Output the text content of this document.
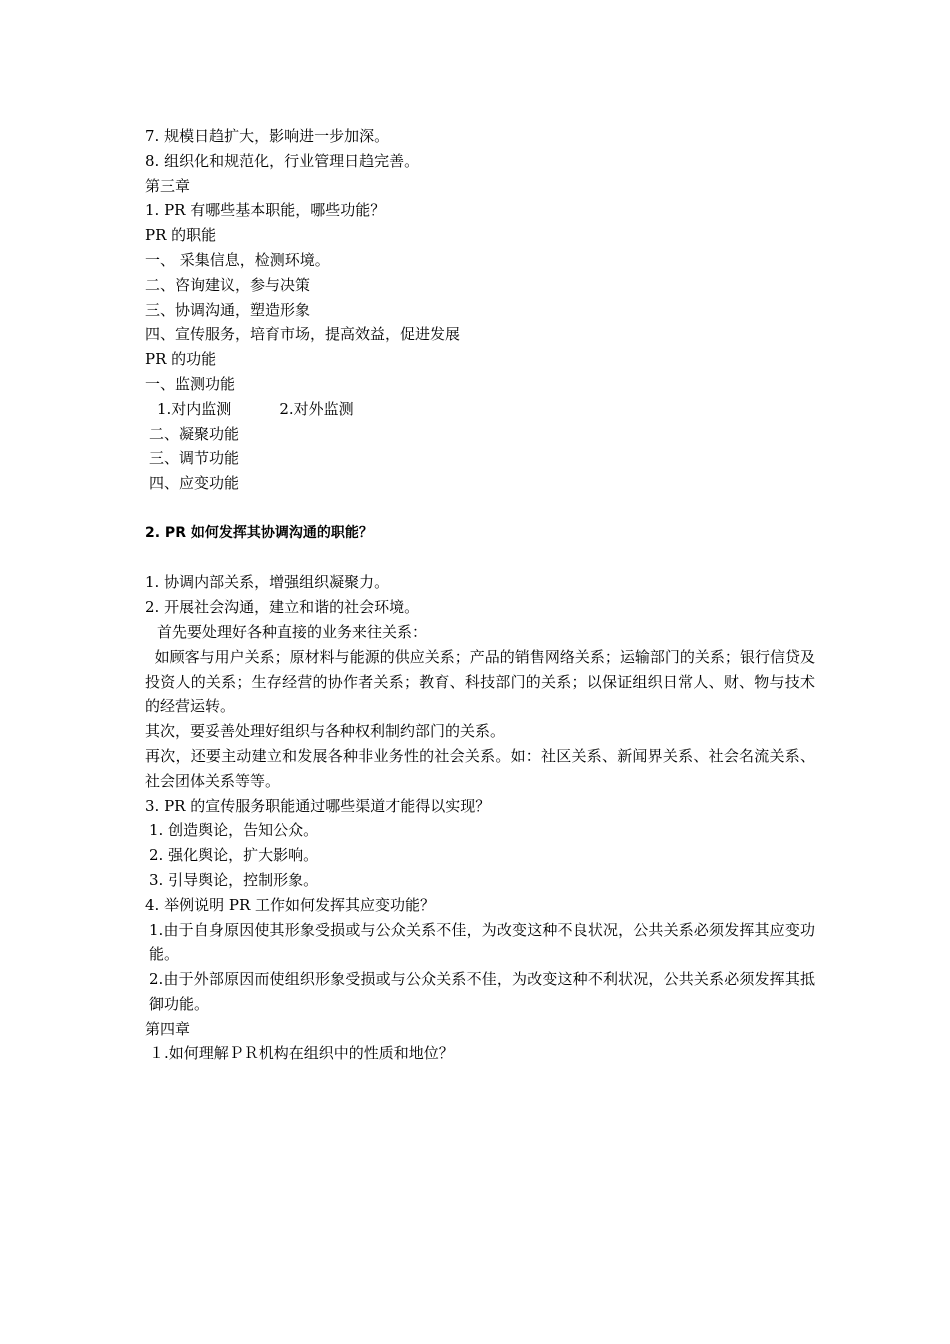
7. 规模日趋扩大，影响进一步加深。
8. 组织化和规范化，行业管理日趋完善。
第三章
1. PR 有哪些基本职能，哪些功能？
PR 的职能
一、 采集信息，检测环境。
二、咨询建议，参与决策
三、协调沟通，塑造形象
四、宣传服务，培育市场，提高效益，促进发展
PR 的功能
一、监测功能
1.对内监测	2.对外监测
二、凝聚功能
三、调节功能
四、应变功能
2. PR 如何发挥其协调沟通的职能？
1. 协调内部关系，增强组织凝聚力。
2. 开展社会沟通，建立和谐的社会环境。
首先要处理好各种直接的业务来往关系：
如顾客与用户关系；原材料与能源的供应关系；产品的销售网络关系；运输部门的关系；银行信贷及投资人的关系；生存经营的协作者关系；教育、科技部门的关系；以保证组织日常人、财、物与技术的经营运转。
其次，要妥善处理好组织与各种权利制约部门的关系。
再次，还要主动建立和发展各种非业务性的社会关系。如：社区关系、新闻界关系、社会名流关系、社会团体关系等等。
3. PR 的宣传服务职能通过哪些渠道才能得以实现？
1. 创造舆论，告知公众。
2. 强化舆论，扩大影响。
3. 引导舆论，控制形象。
4. 举例说明 PR 工作如何发挥其应变功能？
1.由于自身原因使其形象受损或与公众关系不佳，为改变这种不良状况，公共关系必须发挥其应变功能。
2.由于外部原因而使组织形象受损或与公众关系不佳，为改变这种不利状况，公共关系必须发挥其抵御功能。
第四章
１.如何理解ＰＲ机构在组织中的性质和地位？
